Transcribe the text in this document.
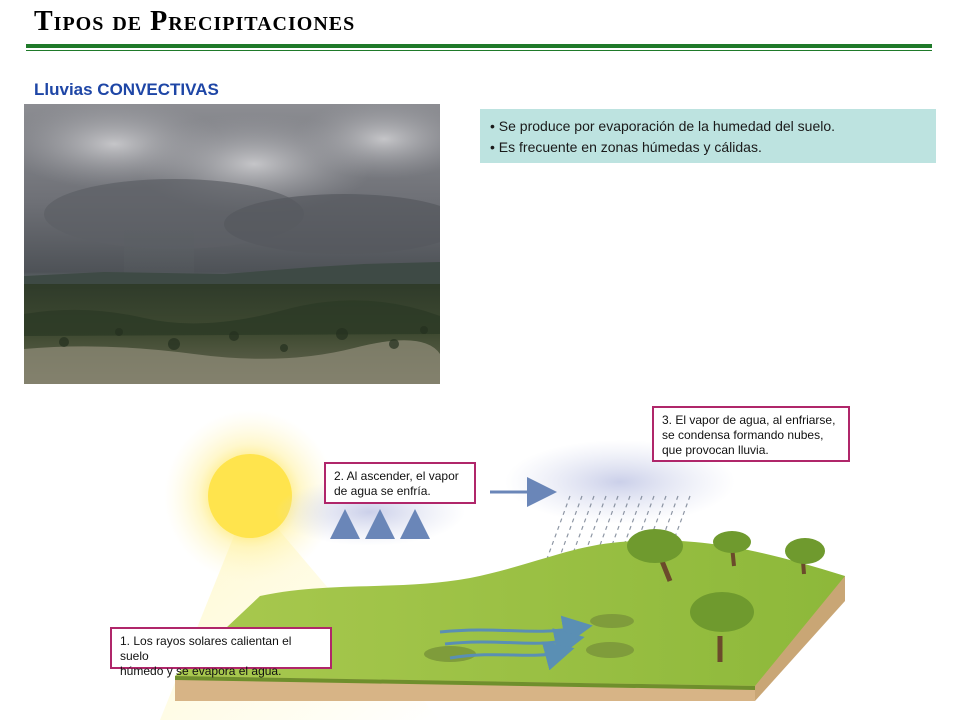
Tipos de Precipitaciones
Lluvias CONVECTIVAS
• Se produce por evaporación de la humedad del suelo.
• Es frecuente en zonas húmedas y cálidas.
1. Los rayos solares calientan el suelo
húmedo y se evapora el agua.
2. Al ascender, el vapor
de agua se enfría.
3. El vapor de agua, al enfriarse,
se condensa formando nubes,
que provocan lluvia.
